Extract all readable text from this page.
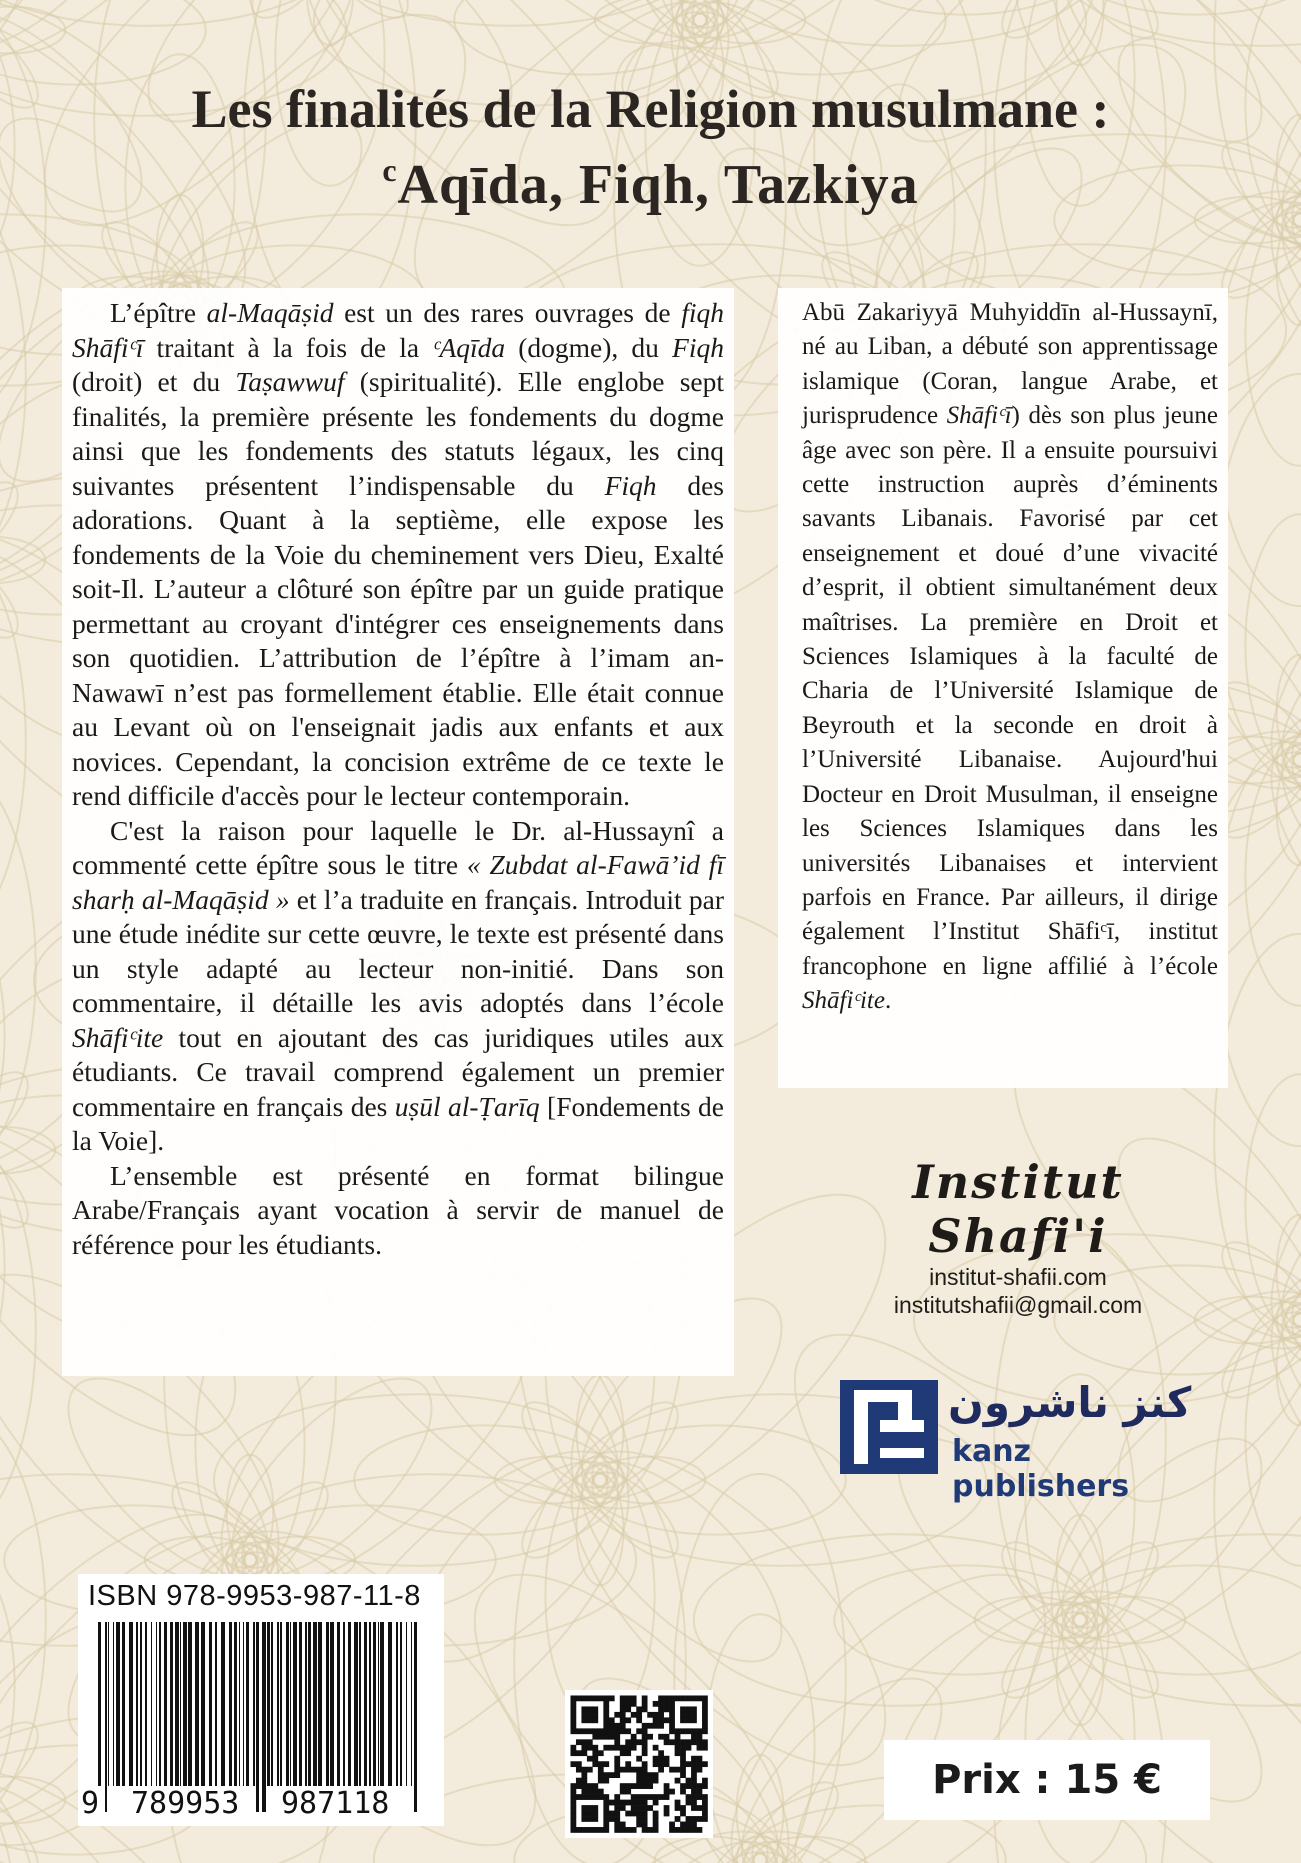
Les finalités de la Religion musulmane :
$^c$Aqīda, Fiqh, Tazkiya

L’épître al-Maqāṣid est un des rares ouvrages de fiqh Shāfiᶜī traitant à la fois de la ᶜAqīda (dogme), du Fiqh (droit) et du Taṣawwuf (spiritualité). Elle englobe sept finalités, la première présente les fondements du dogme ainsi que les fondements des statuts légaux, les cinq suivantes présentent l’indispensable du Fiqh des adorations. Quant à la septième, elle expose les fondements de la Voie du cheminement vers Dieu, Exalté soit-Il. L’auteur a clôturé son épître par un guide pratique permettant au croyant d'intégrer ces enseignements dans son quotidien. L’attribution de l’épître à l’imam an-Nawawī n’est pas formellement établie. Elle était connue au Levant où on l'enseignait jadis aux enfants et aux novices. Cependant, la concision extrême de ce texte le rend difficile d'accès pour le lecteur contemporain.

C'est la raison pour laquelle le Dr. al-Hussaynî a commenté cette épître sous le titre « Zubdat al-Fawā’id fī sharḥ al-Maqāṣid » et l’a traduite en français. Introduit par une étude inédite sur cette œuvre, le texte est présenté dans un style adapté au lecteur non-initié. Dans son commentaire, il détaille les avis adoptés dans l’école Shāfiᶜite tout en ajoutant des cas juridiques utiles aux étudiants. Ce travail comprend également un premier commentaire en français des uṣūl al-Ṭarīq [Fondements de la Voie].

L’ensemble est présenté en format bilingue Arabe/Français ayant vocation à servir de manuel de référence pour les étudiants.

Abū Zakariyyā Muhyiddīn al-Hussaynī, né au Liban, a débuté son apprentissage islamique (Coran, langue Arabe, et jurisprudence Shāfiᶜī) dès son plus jeune âge avec son père. Il a ensuite poursuivi cette instruction auprès d’éminents savants Libanais. Favorisé par cet enseignement et doué d’une vivacité d’esprit, il obtient simultanément deux maîtrises. La première en Droit et Sciences Islamiques à la faculté de Charia de l’Université Islamique de Beyrouth et la seconde en droit à l’Université Libanaise. Aujourd'hui Docteur en Droit Musulman, il enseigne les Sciences Islamiques dans les universités Libanaises et intervient parfois en France. Par ailleurs, il dirige également l’Institut Shāfiᶜī, institut francophone en ligne affilié à l’école Shāfiᶜite.

Institut Shafi'i
institut-shafii.com
institutshafii@gmail.com
كنز ناشرون
kanz publishers
ISBN 978-9953-987-11-8
9 789953 987118
Prix : 15 €
